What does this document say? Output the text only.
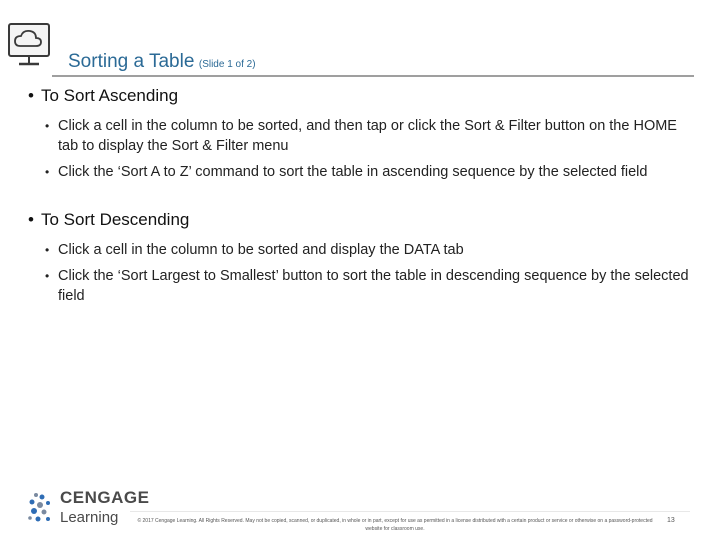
Sorting a Table (Slide 1 of 2)

• To Sort Ascending

• Click a cell in the column to be sorted, and then tap or click the Sort & Filter button on the HOME tab to display the Sort & Filter menu

• Click the ‘Sort A to Z’ command to sort the table in ascending sequence by the selected field

• To Sort Descending

• Click a cell in the column to be sorted and display the DATA tab

• Click the ‘Sort Largest to Smallest’ button to sort the table in descending sequence by the selected field

CENGAGE
Learning	© 2017 Cengage Learning. All Rights Reserved. May not be copied, scanned, or duplicated, in whole or in part, except for use as permitted in a license distributed with a certain product or service or otherwise on a password-protected website for classroom use.
13
